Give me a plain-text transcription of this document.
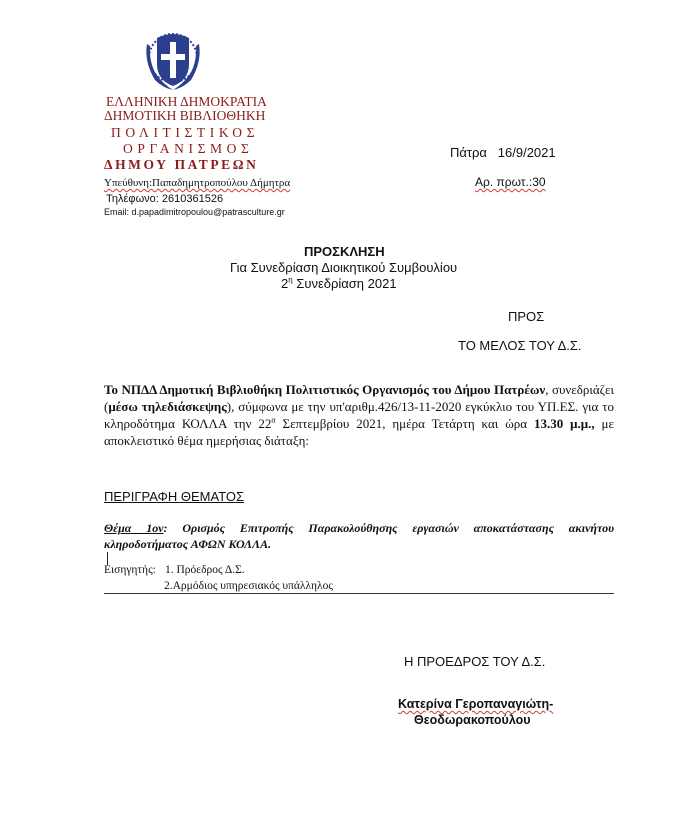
ΕΛΛΗΝΙΚΗ ΔΗΜΟΚΡΑΤΙΑ
ΔΗΜΟΤΙΚΗ ΒΙΒΛΙΟΘΗΚΗ
ΠΟΛΙΤΙΣΤΙΚΟΣ
ΟΡΓΑΝΙΣΜΟΣ
ΔΗΜΟΥ ΠΑΤΡΕΩΝ
Υπεύθυνη:Παπαδημητροπούλου Δήμητρα
Τηλέφωνο: 2610361526
Email: d.papadimitropoulou@patrasculture.gr
Πάτρα   16/9/2021
Αρ. πρωτ.:30
ΠΡΟΣΚΛΗΣΗ
Για Συνεδρίαση Διοικητικού Συμβουλίου
$2^\eta$ Συνεδρίαση 2021
ΠΡΟΣ
ΤΟ ΜΕΛΟΣ ΤΟΥ Δ.Σ.
Το ΝΠΔΔ Δημοτική Βιβλιοθήκη Πολιτιστικός Οργανισμός του Δήμου Πατρέων, συνεδριάζει (μέσω τηλεδιάσκεψης), σύμφωνα με την υπ'αριθμ.426/13-11-2020 εγκύκλιο του ΥΠ.ΕΣ. για το κληροδότημα ΚΟΛΛΑ την $22^\alpha$ Σεπτεμβρίου 2021, ημέρα Τετάρτη και ώρα 13.30 μ.μ., με αποκλειστικό θέμα ημερήσιας διάταξη:
ΠΕΡΙΓΡΑΦΗ ΘΕΜΑΤΟΣ
Θέμα 1ον: Ορισμός Επιτροπής Παρακολούθησης εργασιών αποκατάστασης ακινήτου κληροδοτήματος ΑΦΩΝ ΚΟΛΛΑ.
Εισηγητής: 1. Πρόεδρος Δ.Σ.
2.Αρμόδιος υπηρεσιακός υπάλληλος
Η ΠΡΟΕΔΡΟΣ ΤΟΥ Δ.Σ.
Κατερίνα Γεροπαναγιώτη-
Θεοδωρακοπούλου
